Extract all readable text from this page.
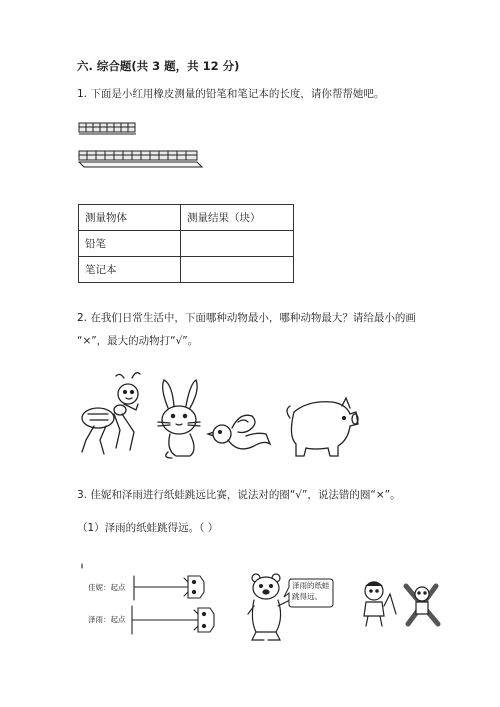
六. 综合题(共 3 题，共 12 分)
1. 下面是小红用橡皮测量的铅笔和笔记本的长度，请你帮帮她吧。
测量物体	测量结果（块）
铅笔	
笔记本	
2. 在我们日常生活中，下面哪种动物最小，哪种动物最大？请给最小的画
“×”，最大的动物打“√”。
3. 佳妮和泽雨进行纸蛙跳远比赛，说法对的圈“√”，说法错的圈“×”。
（1）泽雨的纸蛙跳得远。（ ）
佳妮：起点
泽雨：起点
泽雨的纸蛙跳得远。
